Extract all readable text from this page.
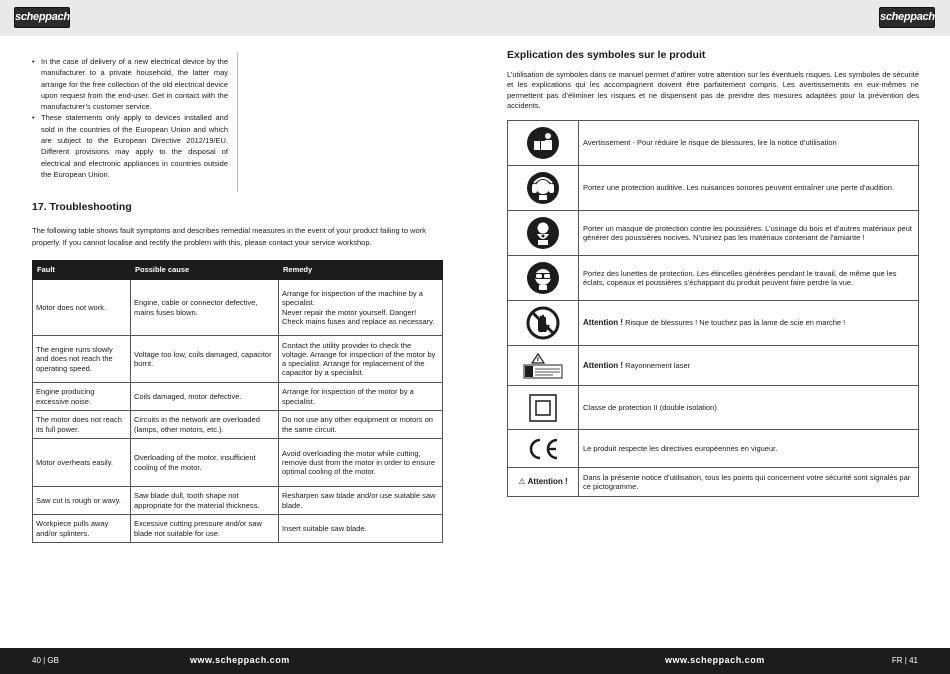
scheppach	scheppach
• In the case of delivery of a new electrical device by the manufacturer to a private household, the latter may arrange for the free collection of the old electrical device upon request from the end-user. Get in contact with the manufacturer’s customer service.
• These statements only apply to devices installed and sold in the countries of the European Union and which are subject to the European Directive 2012/19/EU. Different provisions may apply to the disposal of electrical and electronic appliances in countries outside the European Union.
17. Troubleshooting
The following table shows fault symptoms and describes remedial measures in the event of your product failing to work properly. If you cannot localise and rectify the problem with this, please contact your service workshop.
Fault	Possible cause	Remedy
Motor does not work.	Engine, cable or connector defective, mains fuses blown.	Arrange for inspection of the machine by a specialist.
Never repair the motor yourself. Danger!
Check mains fuses and replace as necessary.

The engine runs slowly and does not reach the operating speed.	Voltage too low, coils damaged, capacitor burnt.	Contact the utility provider to check the voltage. Arrange for inspection of the motor by a specialist. Arrange for replacement of the capacitor by a specialist.
Engine producing excessive noise.	Coils damaged, motor defective.	Arrange for inspection of the motor by a specialist.
The motor does not reach its full power.	Circuits in the network are overloaded (lamps, other motors, etc.).	Do not use any other equipment or motors on the same circuit.
Motor overheats easily.	Overloading of the motor, insufficient cooling of the motor.	Avoid overloading the motor while cutting, remove dust from the motor in order to ensure optimal cooling of the motor.
Saw cut is rough or wavy.	Saw blade dull, tooth shape not appropriate for the material thickness.	Resharpen saw blade and/or use suitable saw blade.
Workpiece pulls away and/or splinters.	Excessive cutting pressure and/or saw blade not suitable for use.	Insert suitable saw blade.
Explication des symboles sur le produit
L’utilisation de symboles dans ce manuel permet d’attirer votre attention sur les éventuels risques. Les symboles de sécurité et les explications qui les accompagnent doivent être parfaitement compris. Les avertissements en eux-mêmes ne permettent pas d’éliminer les risques et ne dispensent pas de prendre des mesures adaptées pour la prévention des accidents.
	Avertissement - Pour réduire le risque de blessures, lire la notice d’utilisation

	Portez une protection auditive. Les nuisances sonores peuvent entraîner une perte d’audition.

	Porter un masque de protection contre les poussières. L’usinage du bois et d’autres matériaux peut générer des poussières nocives. N’usinez pas les matériaux contenant de l’amiante !

	Portez des lunettes de protection. Les étincelles générées pendant le travail, de même que les éclats, copeaux et poussières s’échappant du produit peuvent faire perdre la vue.

	Attention ! Risque de blessures ! Ne touchez pas la lame de scie en marche !

	Attention ! Rayonnement laser

	Classe de protection II (double isolation)

	Le produit respecte les directives européennes en vigueur.
⚠ Attention !	Dans la présente notice d’utilisation, tous les points qui concernent votre sécurité sont signalés par ce pictogramme.
40 | GB	www.scheppach.com	www.scheppach.com	FR | 41
